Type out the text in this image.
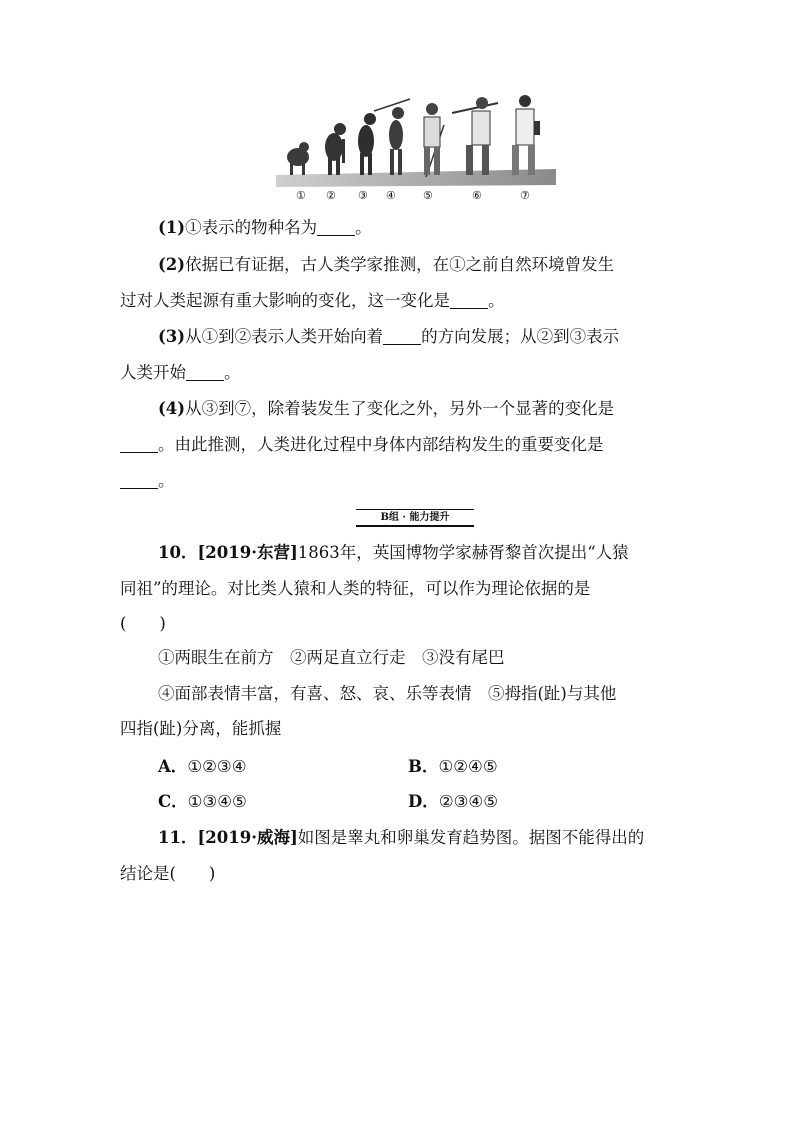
① ② ③ ④ ⑤	⑥	⑦
(1)①表示的物种名为 。
(2)依据已有证据，古人类学家推测，在①之前自然环境曾发生
过对人类起源有重大影响的变化，这一变化是 。
(3)从①到②表示人类开始向着 的方向发展；从②到③表示
人类开始 。
(4)从③到⑦，除着装发生了变化之外，另外一个显著的变化是
。由此推测，人类进化过程中身体内部结构发生的重要变化是
。
B组 · 能力提升
10．[2019·东营]1863年，英国博物学家赫胥黎首次提出“人猿
同祖”的理论。对比类人猿和人类的特征，可以作为理论依据的是
(　　)
①两眼生在前方　②两足直立行走　③没有尾巴
④面部表情丰富，有喜、怒、哀、乐等表情　⑤拇指(趾)与其他
四指(趾)分离，能抓握
A．①②③④	B．①②④⑤
C．①③④⑤	D．②③④⑤
11．[2019·威海]如图是睾丸和卵巢发育趋势图。据图不能得出的
结论是(　　)
